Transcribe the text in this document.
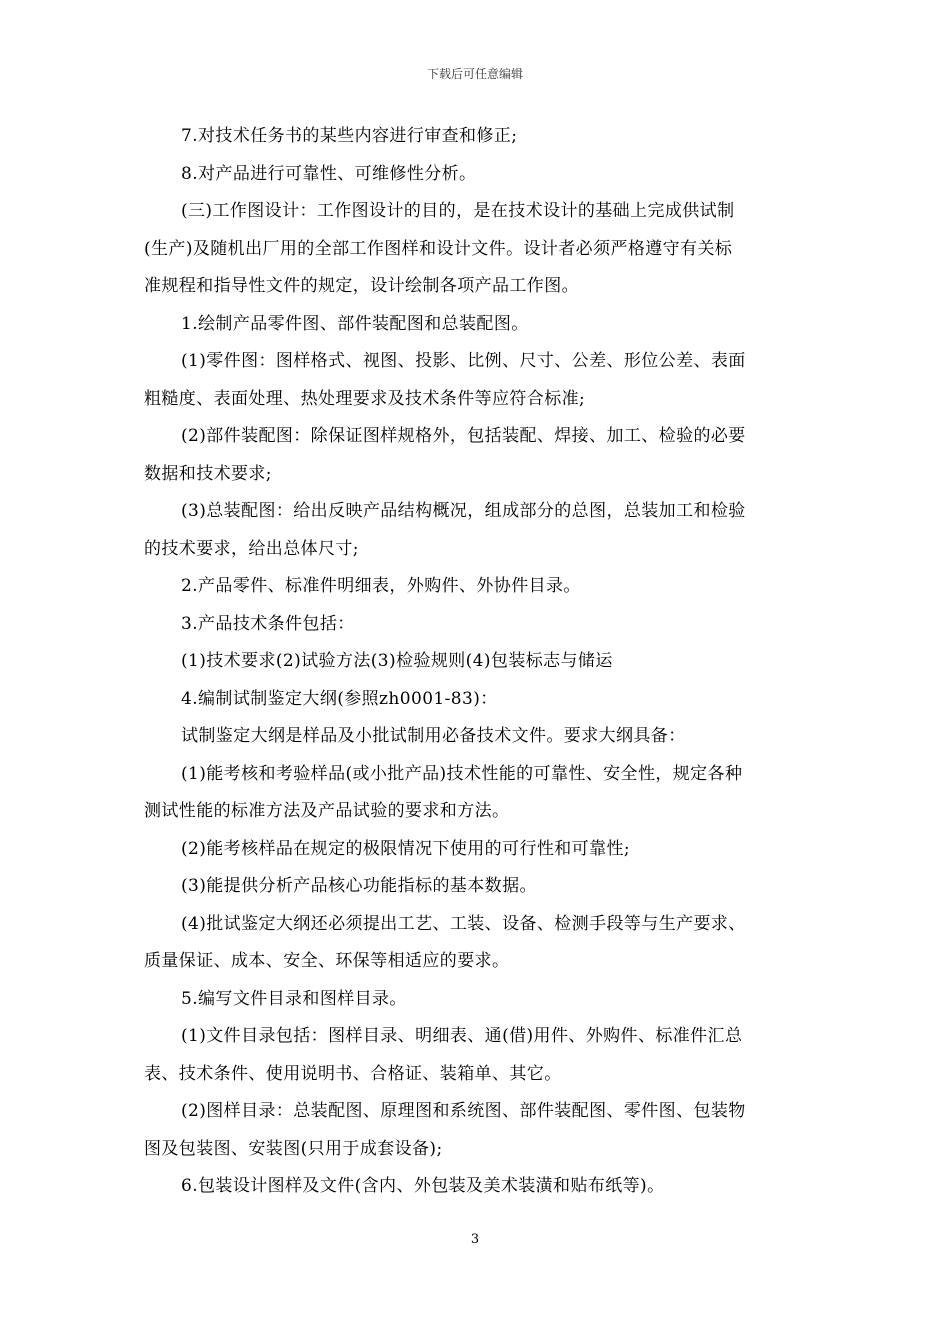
下载后可任意编辑

7.对技术任务书的某些内容进行审查和修正;

8.对产品进行可靠性、可维修性分析。

(三)工作图设计：工作图设计的目的，是在技术设计的基础上完成供试制

(生产)及随机出厂用的全部工作图样和设计文件。设计者必须严格遵守有关标

准规程和指导性文件的规定，设计绘制各项产品工作图。

1.绘制产品零件图、部件装配图和总装配图。

(1)零件图：图样格式、视图、投影、比例、尺寸、公差、形位公差、表面

粗糙度、表面处理、热处理要求及技术条件等应符合标准;

(2)部件装配图：除保证图样规格外，包括装配、焊接、加工、检验的必要

数据和技术要求;

(3)总装配图：给出反映产品结构概况，组成部分的总图，总装加工和检验

的技术要求，给出总体尺寸;

2.产品零件、标准件明细表，外购件、外协件目录。

3.产品技术条件包括：

(1)技术要求(2)试验方法(3)检验规则(4)包装标志与储运

4.编制试制鉴定大纲(参照zh0001-83)：

试制鉴定大纲是样品及小批试制用必备技术文件。要求大纲具备：

(1)能考核和考验样品(或小批产品)技术性能的可靠性、安全性，规定各种

测试性能的标准方法及产品试验的要求和方法。

(2)能考核样品在规定的极限情况下使用的可行性和可靠性;

(3)能提供分析产品核心功能指标的基本数据。

(4)批试鉴定大纲还必须提出工艺、工装、设备、检测手段等与生产要求、

质量保证、成本、安全、环保等相适应的要求。

5.编写文件目录和图样目录。

(1)文件目录包括：图样目录、明细表、通(借)用件、外购件、标准件汇总

表、技术条件、使用说明书、合格证、装箱单、其它。

(2)图样目录：总装配图、原理图和系统图、部件装配图、零件图、包装物

图及包装图、安装图(只用于成套设备);

6.包装设计图样及文件(含内、外包装及美术装潢和贴布纸等)。

3
